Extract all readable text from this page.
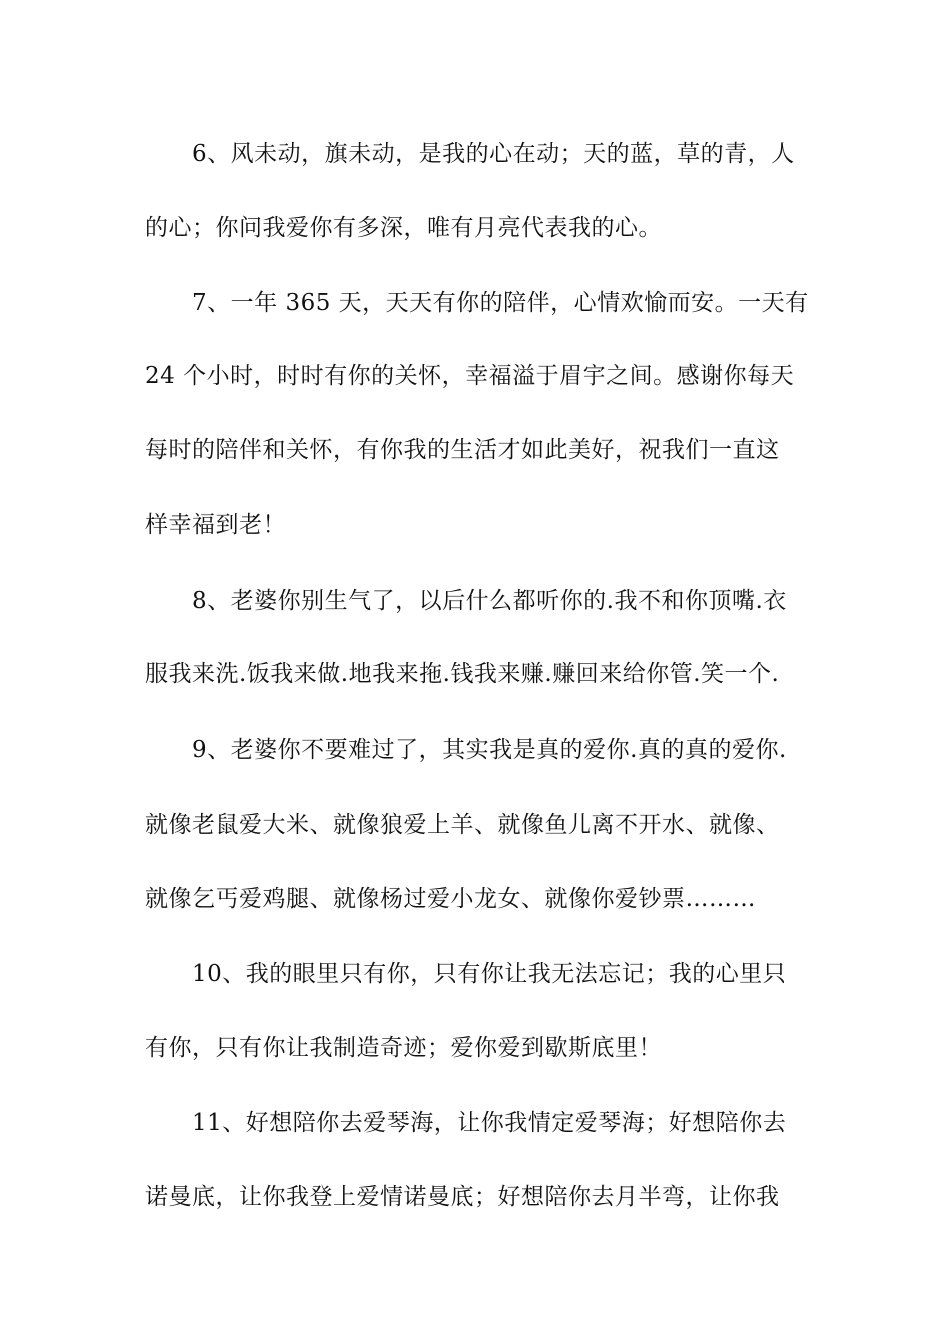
6、风未动，旗未动，是我的心在动；天的蓝，草的青，人
的心；你问我爱你有多深，唯有月亮代表我的心。
7、一年 365 天，天天有你的陪伴，心情欢愉而安。一天有
24 个小时，时时有你的关怀，幸福溢于眉宇之间。感谢你每天
每时的陪伴和关怀，有你我的生活才如此美好，祝我们一直这
样幸福到老！
8、老婆你别生气了，以后什么都听你的.我不和你顶嘴.衣
服我来洗.饭我来做.地我来拖.钱我来赚.赚回来给你管.笑一个.
9、老婆你不要难过了，其实我是真的爱你.真的真的爱你.
就像老鼠爱大米、就像狼爱上羊、就像鱼儿离不开水、就像、
就像乞丐爱鸡腿、就像杨过爱小龙女、就像你爱钞票………
10、我的眼里只有你，只有你让我无法忘记；我的心里只
有你，只有你让我制造奇迹；爱你爱到歇斯底里！
11、好想陪你去爱琴海，让你我情定爱琴海；好想陪你去
诺曼底，让你我登上爱情诺曼底；好想陪你去月半弯，让你我
